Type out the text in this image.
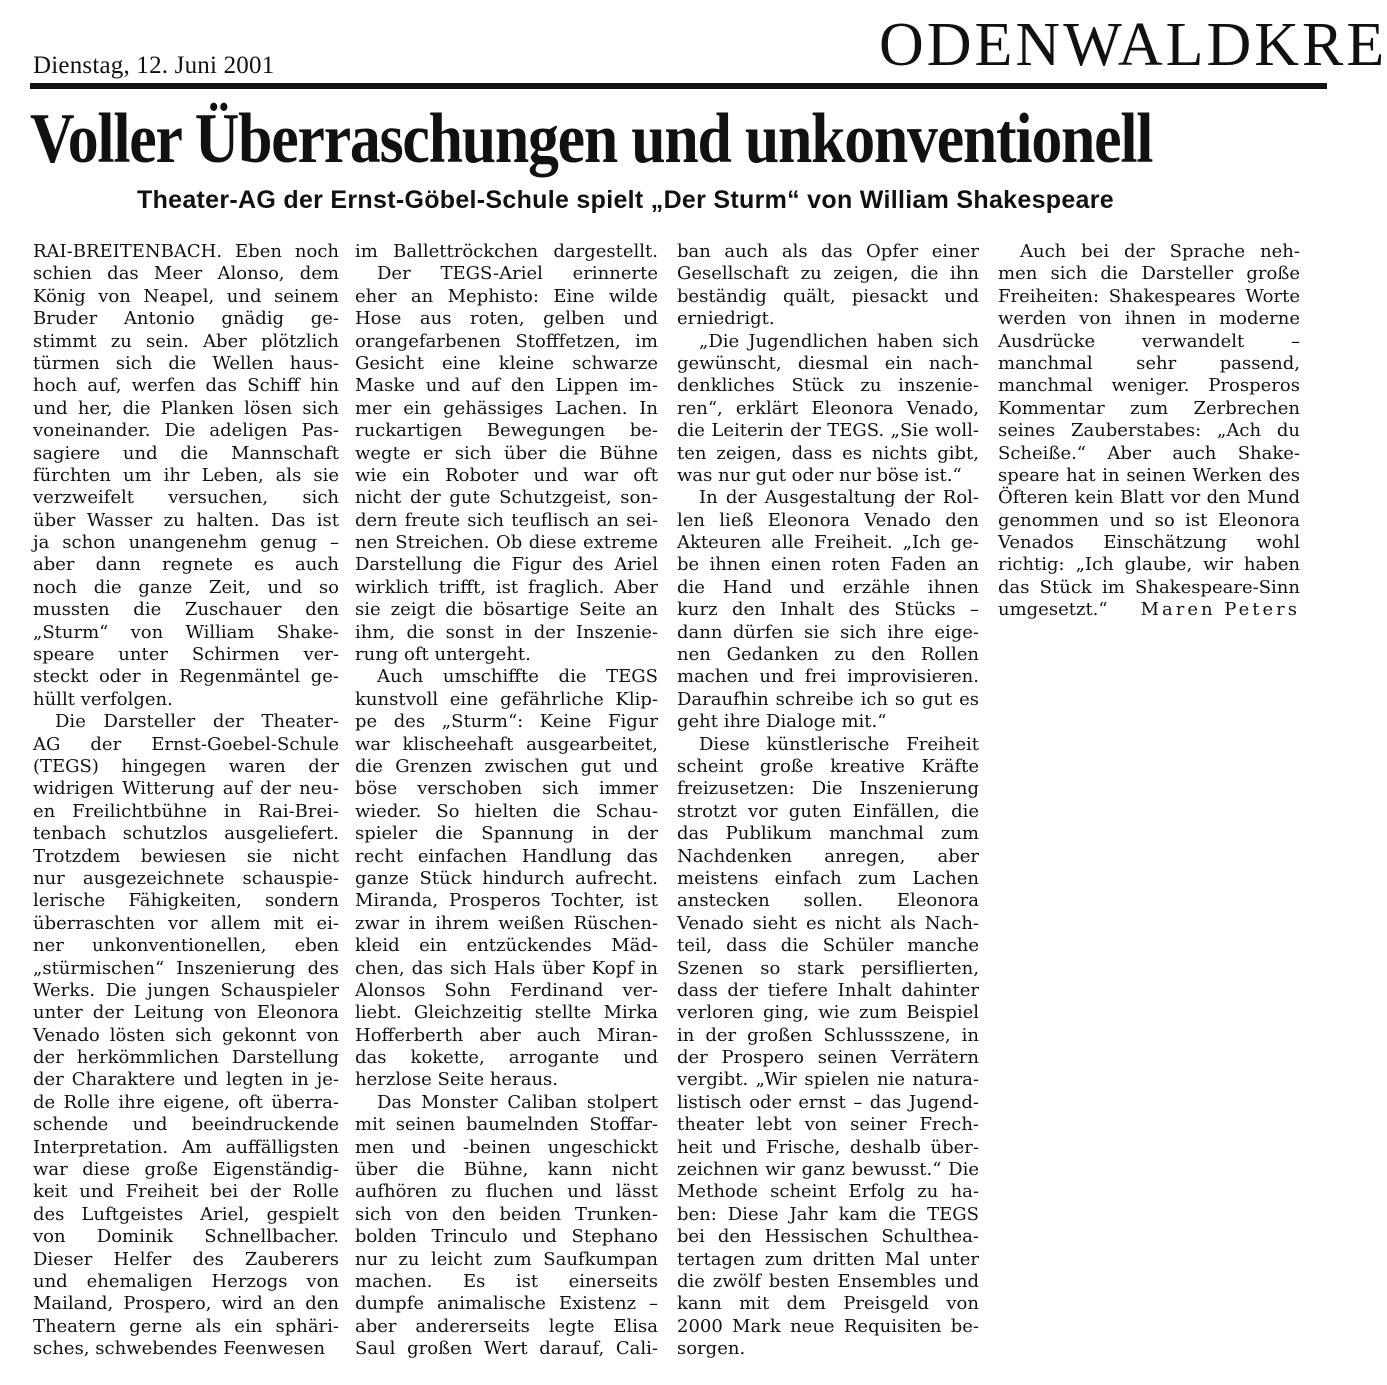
Dienstag, 12. Juni 2001	ODENWALDKRE
Voller Überraschungen und unkonventionell
Theater-AG der Ernst-Göbel-Schule spielt „Der Sturm“ von William Shakespeare
RAI-BREITENBACH. Eben noch
schien das Meer Alonso, dem
König von Neapel, und seinem
Bruder Antonio gnädig ge-
stimmt zu sein. Aber plötzlich
türmen sich die Wellen haus-
hoch auf, werfen das Schiff hin
und her, die Planken lösen sich
voneinander. Die adeligen Pas-
sagiere und die Mannschaft
fürchten um ihr Leben, als sie
verzweifelt versuchen, sich
über Wasser zu halten. Das ist
ja schon unangenehm genug –
aber dann regnete es auch
noch die ganze Zeit, und so
mussten die Zuschauer den
„Sturm“ von William Shake-
speare unter Schirmen ver-
steckt oder in Regenmäntel ge-
hüllt verfolgen.
Die Darsteller der Theater-
AG der Ernst-Goebel-Schule
(TEGS) hingegen waren der
widrigen Witterung auf der neu-
en Freilichtbühne in Rai-Brei-
tenbach schutzlos ausgeliefert.
Trotzdem bewiesen sie nicht
nur ausgezeichnete schauspie-
lerische Fähigkeiten, sondern
überraschten vor allem mit ei-
ner unkonventionellen, eben
„stürmischen“ Inszenierung des
Werks. Die jungen Schauspieler
unter der Leitung von Eleonora
Venado lösten sich gekonnt von
der herkömmlichen Darstellung
der Charaktere und legten in je-
de Rolle ihre eigene, oft überra-
schende und beeindruckende
Interpretation. Am auffälligsten
war diese große Eigenständig-
keit und Freiheit bei der Rolle
des Luftgeistes Ariel, gespielt
von Dominik Schnellbacher.
Dieser Helfer des Zauberers
und ehemaligen Herzogs von
Mailand, Prospero, wird an den
Theatern gerne als ein sphäri-
sches, schwebendes Feenwesen
im Ballettröckchen dargestellt.
Der TEGS-Ariel erinnerte
eher an Mephisto: Eine wilde
Hose aus roten, gelben und
orangefarbenen Stofffetzen, im
Gesicht eine kleine schwarze
Maske und auf den Lippen im-
mer ein gehässiges Lachen. In
ruckartigen Bewegungen be-
wegte er sich über die Bühne
wie ein Roboter und war oft
nicht der gute Schutzgeist, son-
dern freute sich teuflisch an sei-
nen Streichen. Ob diese extreme
Darstellung die Figur des Ariel
wirklich trifft, ist fraglich. Aber
sie zeigt die bösartige Seite an
ihm, die sonst in der Inszenie-
rung oft untergeht.
Auch umschiffte die TEGS
kunstvoll eine gefährliche Klip-
pe des „Sturm“: Keine Figur
war klischeehaft ausgearbeitet,
die Grenzen zwischen gut und
böse verschoben sich immer
wieder. So hielten die Schau-
spieler die Spannung in der
recht einfachen Handlung das
ganze Stück hindurch aufrecht.
Miranda, Prosperos Tochter, ist
zwar in ihrem weißen Rüschen-
kleid ein entzückendes Mäd-
chen, das sich Hals über Kopf in
Alonsos Sohn Ferdinand ver-
liebt. Gleichzeitig stellte Mirka
Hofferberth aber auch Miran-
das kokette, arrogante und
herzlose Seite heraus.
Das Monster Caliban stolpert
mit seinen baumelnden Stoffar-
men und -beinen ungeschickt
über die Bühne, kann nicht
aufhören zu fluchen und lässt
sich von den beiden Trunken-
bolden Trinculo und Stephano
nur zu leicht zum Saufkumpan
machen. Es ist einerseits
dumpfe animalische Existenz –
aber andererseits legte Elisa
Saul großen Wert darauf, Cali-
ban auch als das Opfer einer
Gesellschaft zu zeigen, die ihn
beständig quält, piesackt und
erniedrigt.
„Die Jugendlichen haben sich
gewünscht, diesmal ein nach-
denkliches Stück zu inszenie-
ren“, erklärt Eleonora Venado,
die Leiterin der TEGS. „Sie woll-
ten zeigen, dass es nichts gibt,
was nur gut oder nur böse ist.“
In der Ausgestaltung der Rol-
len ließ Eleonora Venado den
Akteuren alle Freiheit. „Ich ge-
be ihnen einen roten Faden an
die Hand und erzähle ihnen
kurz den Inhalt des Stücks –
dann dürfen sie sich ihre eige-
nen Gedanken zu den Rollen
machen und frei improvisieren.
Daraufhin schreibe ich so gut es
geht ihre Dialoge mit.“
Diese künstlerische Freiheit
scheint große kreative Kräfte
freizusetzen: Die Inszenierung
strotzt vor guten Einfällen, die
das Publikum manchmal zum
Nachdenken anregen, aber
meistens einfach zum Lachen
anstecken sollen. Eleonora
Venado sieht es nicht als Nach-
teil, dass die Schüler manche
Szenen so stark persiflierten,
dass der tiefere Inhalt dahinter
verloren ging, wie zum Beispiel
in der großen Schlussszene, in
der Prospero seinen Verrätern
vergibt. „Wir spielen nie natura-
listisch oder ernst – das Jugend-
theater lebt von seiner Frech-
heit und Frische, deshalb über-
zeichnen wir ganz bewusst.“ Die
Methode scheint Erfolg zu ha-
ben: Diese Jahr kam die TEGS
bei den Hessischen Schulthea-
tertagen zum dritten Mal unter
die zwölf besten Ensembles und
kann mit dem Preisgeld von
2000 Mark neue Requisiten be-
sorgen.
Auch bei der Sprache neh-
men sich die Darsteller große
Freiheiten: Shakespeares Worte
werden von ihnen in moderne
Ausdrücke verwandelt –
manchmal sehr passend,
manchmal weniger. Prosperos
Kommentar zum Zerbrechen
seines Zauberstabes: „Ach du
Scheiße.“ Aber auch Shake-
speare hat in seinen Werken des
Öfteren kein Blatt vor den Mund
genommen und so ist Eleonora
Venados Einschätzung wohl
richtig: „Ich glaube, wir haben
das Stück im Shakespeare-Sinn
umgesetzt.“ Maren Peters
